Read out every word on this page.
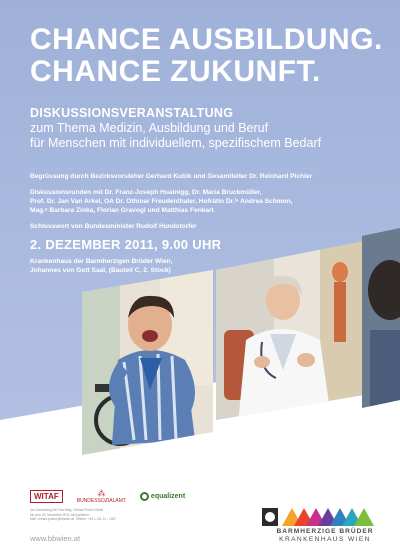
CHANCE AUSBILDUNG.
CHANCE ZUKUNFT.
DISKUSSIONSVERANSTALTUNG
zum Thema Medizin, Ausbildung und Beruf
für Menschen mit individuellem, spezifischem Bedarf
Begrüssung durch Bezirksvorsteher Gerhard Kubik und Gesamtleiter Dr. Reinhard Pichler
Diskussionsrunden mit Dr. Franz-Joseph Huainigg, Dr. Maria Bruckmüller,
Prof. Dr. Jan Van Arkel, OA Dr. Othmar Freudenthaler, Hofrätin Dr.ⁱⁿ Andrea Schmon,
Mag.ᵃ Barbara Zinka, Florian Gravogl und Matthias Fenkart
Schlusswort von Bundesminister Rudolf Hundstorfer
2. DEZEMBER 2011, 9.00 UHR
Krankenhaus der Barmherzigen Brüder Wien,
Johannes von Gott Saal, (Bauteil C, 2. Stock)
WITAF	⁂
BUNDESSOZIALAMT
equalizent
Um Anmeldung bei Frau Mag. Christa Pruher-Strobl
bis zum 20. November 2011 wird gebeten:
Mail: christa.pruher@bbwien.at, Telefon: +43 1 211 21 - 1067
www.bbwien.at
BARMHERZIGE BRÜDER
KRANKENHAUS WIEN
